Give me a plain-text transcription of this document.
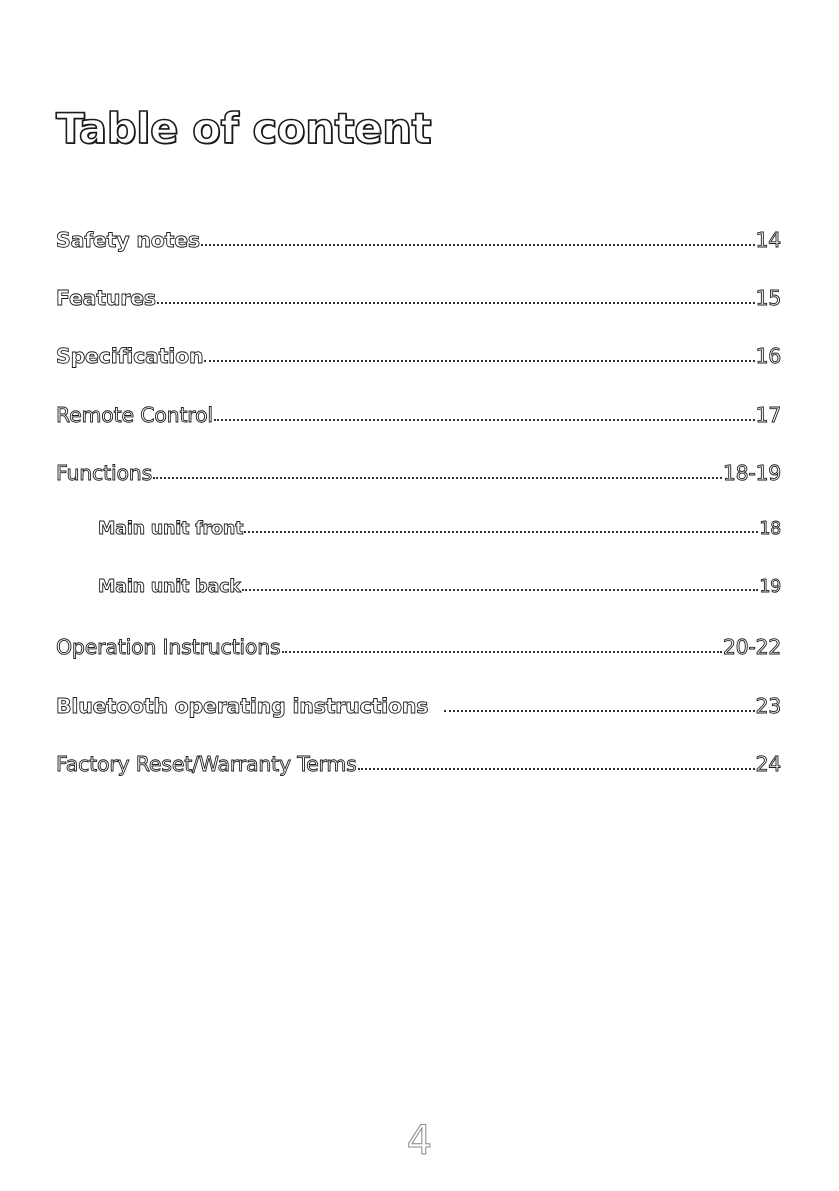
Table of content
Safety notes	14
Features	15
Specification	16
Remote Control	17
Functions	18-19
Main unit front	18
Main unit back	19
Operation Instructions	20-22
Bluetooth operating instructions	23
Factory Reset/Warranty Terms	24
4
